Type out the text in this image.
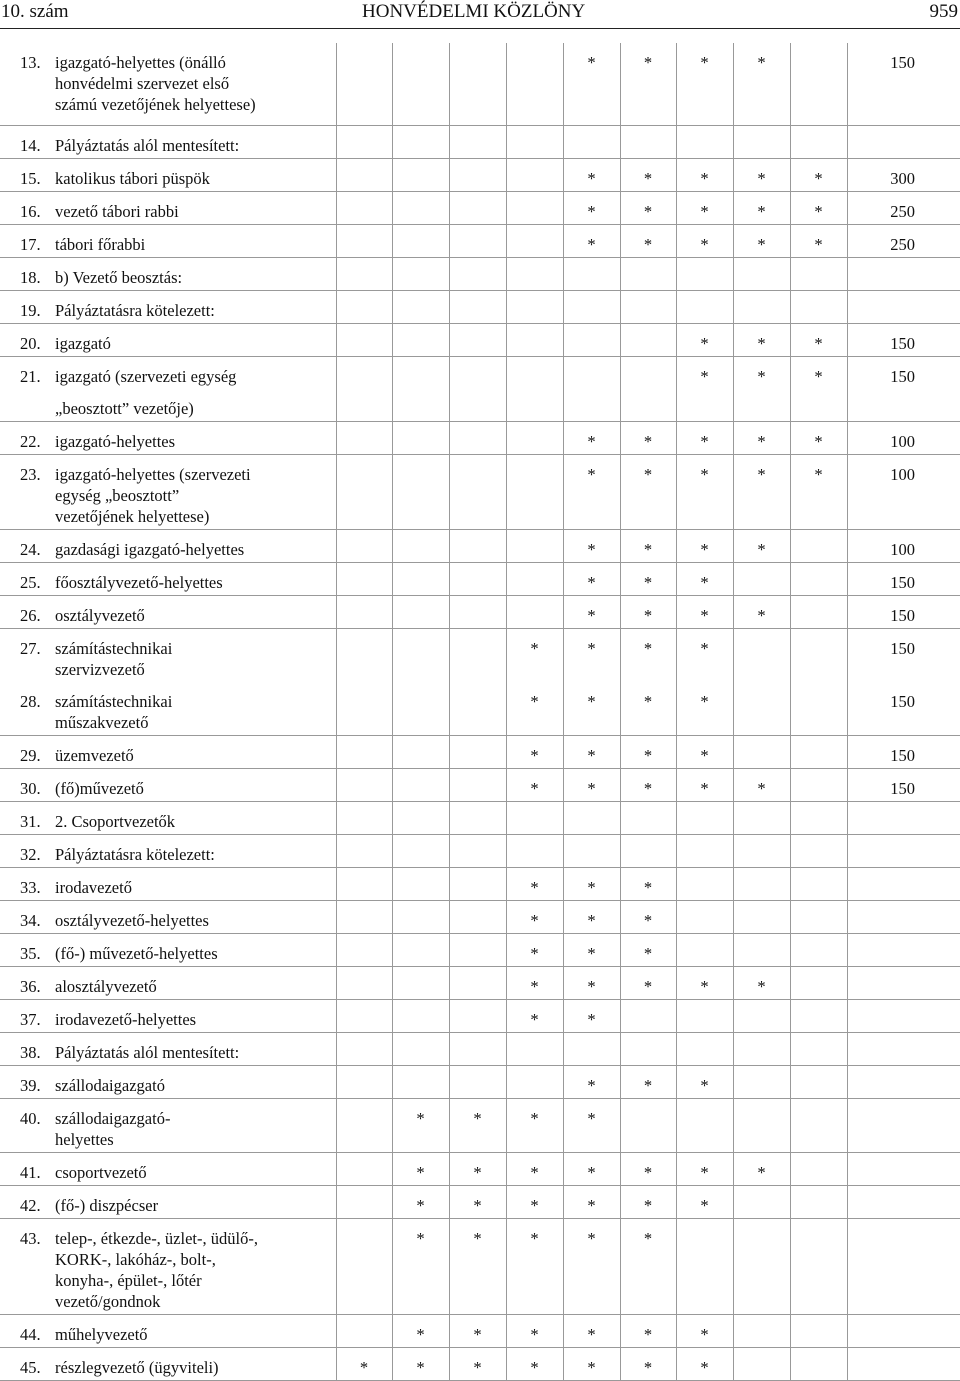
10. szám	HONVÉDELMI KÖZLÖNY	959
13.	igazgató-helyettes (önálló
honvédelmi szervezet első
számú vezetőjének helyettese)					*	*	*	*		150

14.	Pályáztatás alól mentesített:										

15.	katolikus tábori püspök					*	*	*	*	*	300

16.	vezető tábori rabbi					*	*	*	*	*	250

17.	tábori főrabbi					*	*	*	*	*	250

18.	b) Vezető beosztás:										

19.	Pályáztatásra kötelezett:										

20.	igazgató							*	*	*	150

21.	igazgató (szervezeti egység							*	*	*	150

	„beosztott” vezetője)										

22.	igazgató-helyettes					*	*	*	*	*	100

23.	igazgató-helyettes (szervezeti
egység „beosztott”
vezetőjének helyettese)					*	*	*	*	*	100

24.	gazdasági igazgató-helyettes					*	*	*	*		100

25.	főosztályvezető-helyettes					*	*	*			150

26.	osztályvezető					*	*	*	*		150

27.	számítástechnikai
szervizvezető				*	*	*	*			150

28.	számítástechnikai
műszakvezető				*	*	*	*			150

29.	üzemvezető				*	*	*	*			150

30.	(fő)művezető				*	*	*	*	*		150

31.	2. Csoportvezetők										

32.	Pályáztatásra kötelezett:										

33.	irodavezető				*	*	*				

34.	osztályvezető-helyettes				*	*	*				

35.	(fő-) művezető-helyettes				*	*	*				

36.	alosztályvezető				*	*	*	*	*		

37.	irodavezető-helyettes				*	*					

38.	Pályáztatás alól mentesített:										

39.	szállodaigazgató					*	*	*			

40.	szállodaigazgató-
helyettes		*	*	*	*					

41.	csoportvezető		*	*	*	*	*	*	*		

42.	(fő-) diszpécser		*	*	*	*	*	*			

43.	telep-, étkezde-, üzlet-, üdülő-,
KORK-, lakóház-, bolt-,
konyha-, épület-, lőtér
vezető/gondnok		*	*	*	*	*				

44.	műhelyvezető		*	*	*	*	*	*			

45.	részlegvezető (ügyviteli)	*	*	*	*	*	*	*			
